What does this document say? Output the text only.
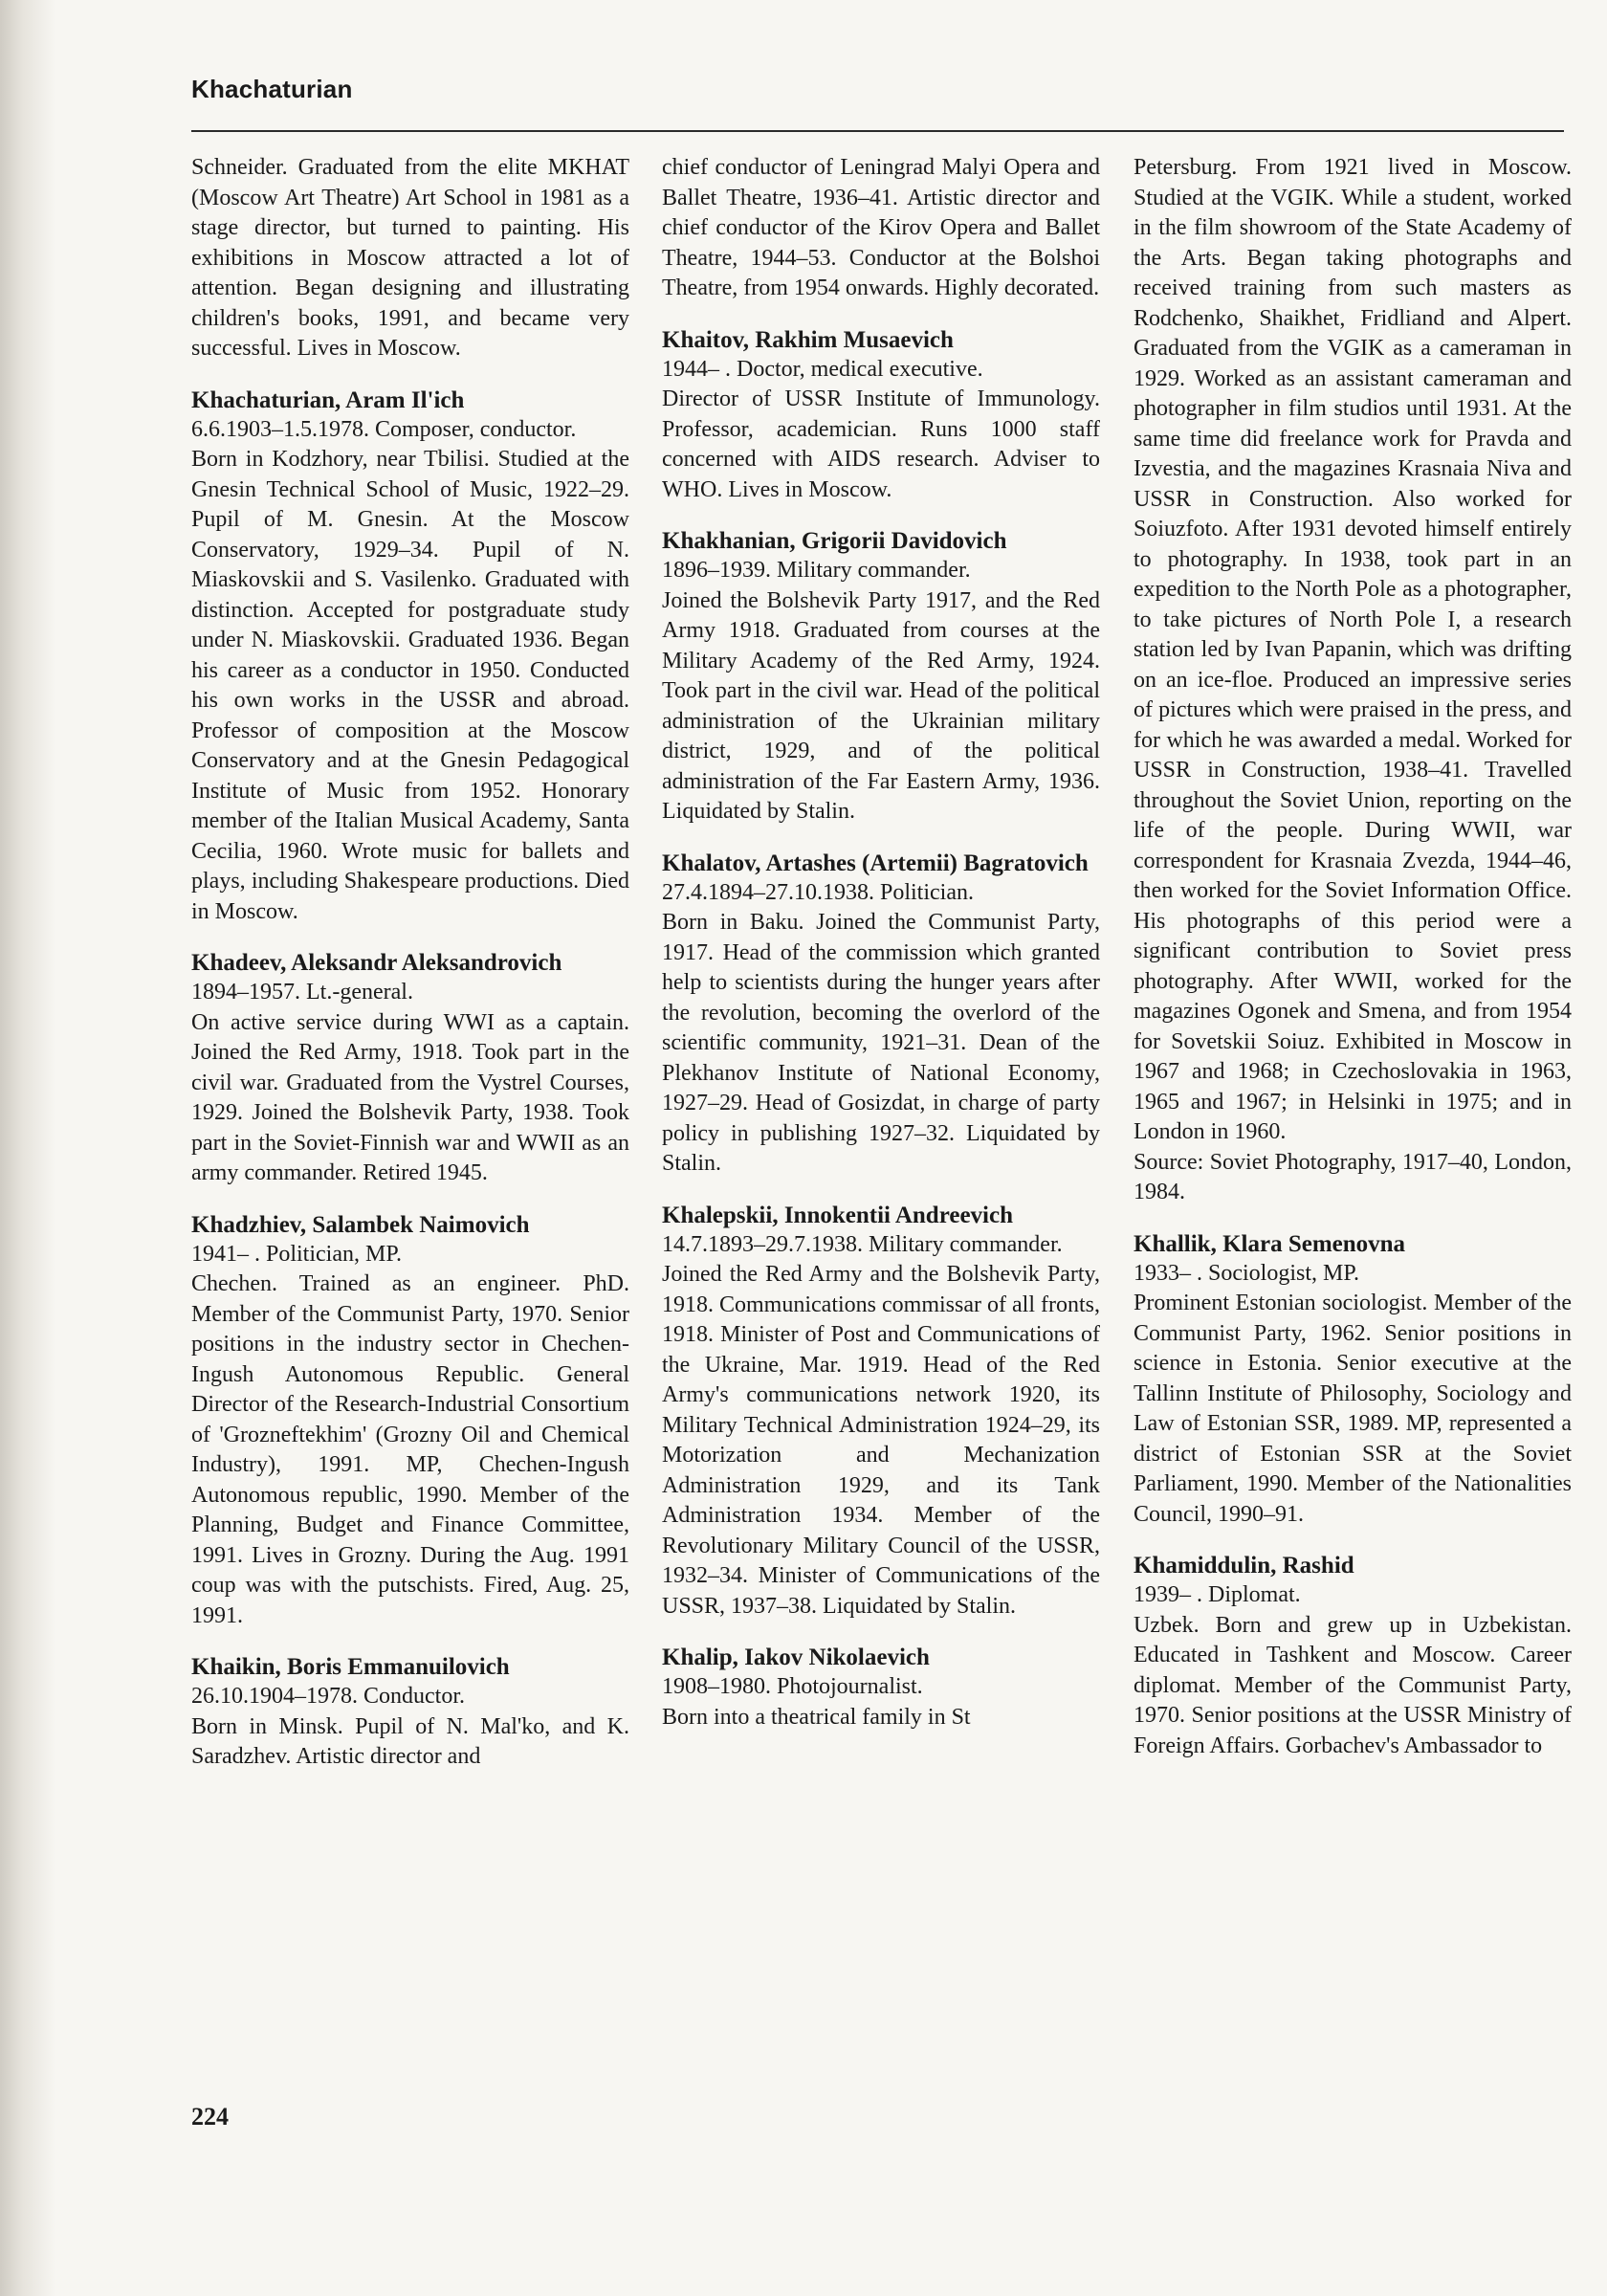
Khachaturian

Schneider. Graduated from the elite MKHAT (Moscow Art Theatre) Art School in 1981 as a stage director, but turned to painting. His exhibitions in Moscow attracted a lot of attention. Began designing and illustrating children's books, 1991, and became very successful. Lives in Moscow.

Khachaturian, Aram Il'ich

6.6.1903–1.5.1978. Composer, conductor.

Born in Kodzhory, near Tbilisi. Studied at the Gnesin Technical School of Music, 1922–29. Pupil of M. Gnesin. At the Moscow Conservatory, 1929–34. Pupil of N. Miaskovskii and S. Vasilenko. Graduated with distinction. Accepted for postgraduate study under N. Miaskovskii. Graduated 1936. Began his career as a conductor in 1950. Conducted his own works in the USSR and abroad. Professor of composition at the Moscow Conservatory and at the Gnesin Pedagogical Institute of Music from 1952. Honorary member of the Italian Musical Academy, Santa Cecilia, 1960. Wrote music for ballets and plays, including Shakespeare productions. Died in Moscow.

Khadeev, Aleksandr Aleksandrovich

1894–1957. Lt.-general.

On active service during WWI as a captain. Joined the Red Army, 1918. Took part in the civil war. Graduated from the Vystrel Courses, 1929. Joined the Bolshevik Party, 1938. Took part in the Soviet-Finnish war and WWII as an army commander. Retired 1945.

Khadzhiev, Salambek Naimovich

1941– . Politician, MP.

Chechen. Trained as an engineer. PhD. Member of the Communist Party, 1970. Senior positions in the industry sector in Chechen-Ingush Autonomous Republic. General Director of the Research-Industrial Consortium of 'Grozneftekhim' (Grozny Oil and Chemical Industry), 1991. MP, Chechen-Ingush Autonomous republic, 1990. Member of the Planning, Budget and Finance Committee, 1991. Lives in Grozny. During the Aug. 1991 coup was with the putschists. Fired, Aug. 25, 1991.

Khaikin, Boris Emmanuilovich

26.10.1904–1978. Conductor.

Born in Minsk. Pupil of N. Mal'ko, and K. Saradzhev. Artistic director and

chief conductor of Leningrad Malyi Opera and Ballet Theatre, 1936–41. Artistic director and chief conductor of the Kirov Opera and Ballet Theatre, 1944–53. Conductor at the Bolshoi Theatre, from 1954 onwards. Highly decorated.

Khaitov, Rakhim Musaevich

1944– . Doctor, medical executive.

Director of USSR Institute of Immunology. Professor, academician. Runs 1000 staff concerned with AIDS research. Adviser to WHO. Lives in Moscow.

Khakhanian, Grigorii Davidovich

1896–1939. Military commander.

Joined the Bolshevik Party 1917, and the Red Army 1918. Graduated from courses at the Military Academy of the Red Army, 1924. Took part in the civil war. Head of the political administration of the Ukrainian military district, 1929, and of the political administration of the Far Eastern Army, 1936. Liquidated by Stalin.

Khalatov, Artashes (Artemii) Bagratovich

27.4.1894–27.10.1938. Politician.

Born in Baku. Joined the Communist Party, 1917. Head of the commission which granted help to scientists during the hunger years after the revolution, becoming the overlord of the scientific community, 1921–31. Dean of the Plekhanov Institute of National Economy, 1927–29. Head of Gosizdat, in charge of party policy in publishing 1927–32. Liquidated by Stalin.

Khalepskii, Innokentii Andreevich

14.7.1893–29.7.1938. Military commander.

Joined the Red Army and the Bolshevik Party, 1918. Communications commissar of all fronts, 1918. Minister of Post and Communications of the Ukraine, Mar. 1919. Head of the Red Army's communications network 1920, its Military Technical Administration 1924–29, its Motorization and Mechanization Administration 1929, and its Tank Administration 1934. Member of the Revolutionary Military Council of the USSR, 1932–34. Minister of Communications of the USSR, 1937–38. Liquidated by Stalin.

Khalip, Iakov Nikolaevich

1908–1980. Photojournalist.

Born into a theatrical family in St

Petersburg. From 1921 lived in Moscow. Studied at the VGIK. While a student, worked in the film showroom of the State Academy of the Arts. Began taking photographs and received training from such masters as Rodchenko, Shaikhet, Fridliand and Alpert. Graduated from the VGIK as a cameraman in 1929. Worked as an assistant cameraman and photographer in film studios until 1931. At the same time did freelance work for Pravda and Izvestia, and the magazines Krasnaia Niva and USSR in Construction. Also worked for Soiuzfoto. After 1931 devoted himself entirely to photography. In 1938, took part in an expedition to the North Pole as a photographer, to take pictures of North Pole I, a research station led by Ivan Papanin, which was drifting on an ice-floe. Produced an impressive series of pictures which were praised in the press, and for which he was awarded a medal. Worked for USSR in Construction, 1938–41. Travelled throughout the Soviet Union, reporting on the life of the people. During WWII, war correspondent for Krasnaia Zvezda, 1944–46, then worked for the Soviet Information Office. His photographs of this period were a significant contribution to Soviet press photography. After WWII, worked for the magazines Ogonek and Smena, and from 1954 for Sovetskii Soiuz. Exhibited in Moscow in 1967 and 1968; in Czechoslovakia in 1963, 1965 and 1967; in Helsinki in 1975; and in London in 1960.

Source: Soviet Photography, 1917–40, London, 1984.

Khallik, Klara Semenovna

1933– . Sociologist, MP.

Prominent Estonian sociologist. Member of the Communist Party, 1962. Senior positions in science in Estonia. Senior executive at the Tallinn Institute of Philosophy, Sociology and Law of Estonian SSR, 1989. MP, represented a district of Estonian SSR at the Soviet Parliament, 1990. Member of the Nationalities Council, 1990–91.

Khamiddulin, Rashid

1939– . Diplomat.

Uzbek. Born and grew up in Uzbekistan. Educated in Tashkent and Moscow. Career diplomat. Member of the Communist Party, 1970. Senior positions at the USSR Ministry of Foreign Affairs. Gorbachev's Ambassador to

224
